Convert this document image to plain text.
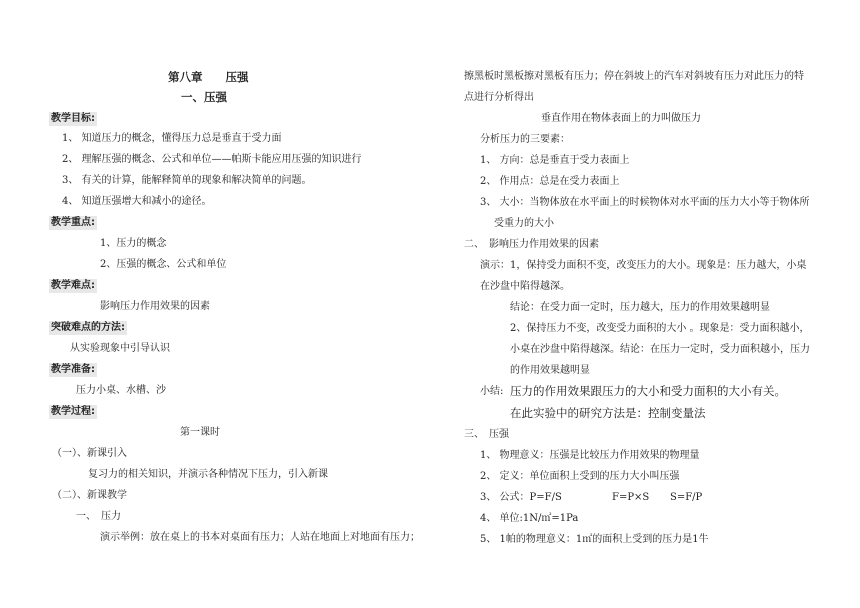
第八章　　压强
一、压强
教学目标:
1、 知道压力的概念，懂得压力总是垂直于受力面
2、 理解压强的概念、公式和单位——帕斯卡能应用压强的知识进行
3、 有关的计算，能解释简单的现象和解决简单的问题。
4、 知道压强增大和减小的途径。
教学重点:
1、压力的概念
2、压强的概念、公式和单位
教学难点:
影响压力作用效果的因素
突破难点的方法:
从实验现象中引导认识
教学准备:
压力小桌、水槽、沙
教学过程:
第一课时
（一）、新课引入
复习力的相关知识，并演示各种情况下压力，引入新课
（二）、新课教学
一、　压力
演示举例：放在桌上的书本对桌面有压力；人站在地面上对地面有压力；
擦黑板时黑板擦对黑板有压力；停在斜坡上的汽车对斜坡有压力对此压力的特
点进行分析得出
垂直作用在物体表面上的力叫做压力
分析压力的三要素：
1、 方向：总是垂直于受力表面上
2、 作用点：总是在受力表面上
3、 大小：当物体放在水平面上的时候物体对水平面的压力大小等于物体所
受重力的大小
二、　影响压力作用效果的因素
演示：1，保持受力面积不变，改变压力的大小。现象是：压力越大，小桌
在沙盘中陷得越深。
结论：在受力面一定时，压力越大，压力的作用效果越明显
2、保持压力不变，改变受力面积的大小 。现象是：受力面积越小，
小桌在沙盘中陷得越深。结论：在压力一定时，受力面积越小，压力
的作用效果越明显
小结: 压力的作用效果跟压力的大小和受力面积的大小有关。
在此实验中的研究方法是：控制变量法
三、　压强
1、 物理意义：压强是比较压力作用效果的物理量
2、 定义：单位面积上受到的压力大小叫压强
3、 公式：P=F/S	F=P×S S=F/P
4、 单位:1N/㎡=1Pa
5、 1帕的物理意义：1㎡的面积上受到的压力是1牛
